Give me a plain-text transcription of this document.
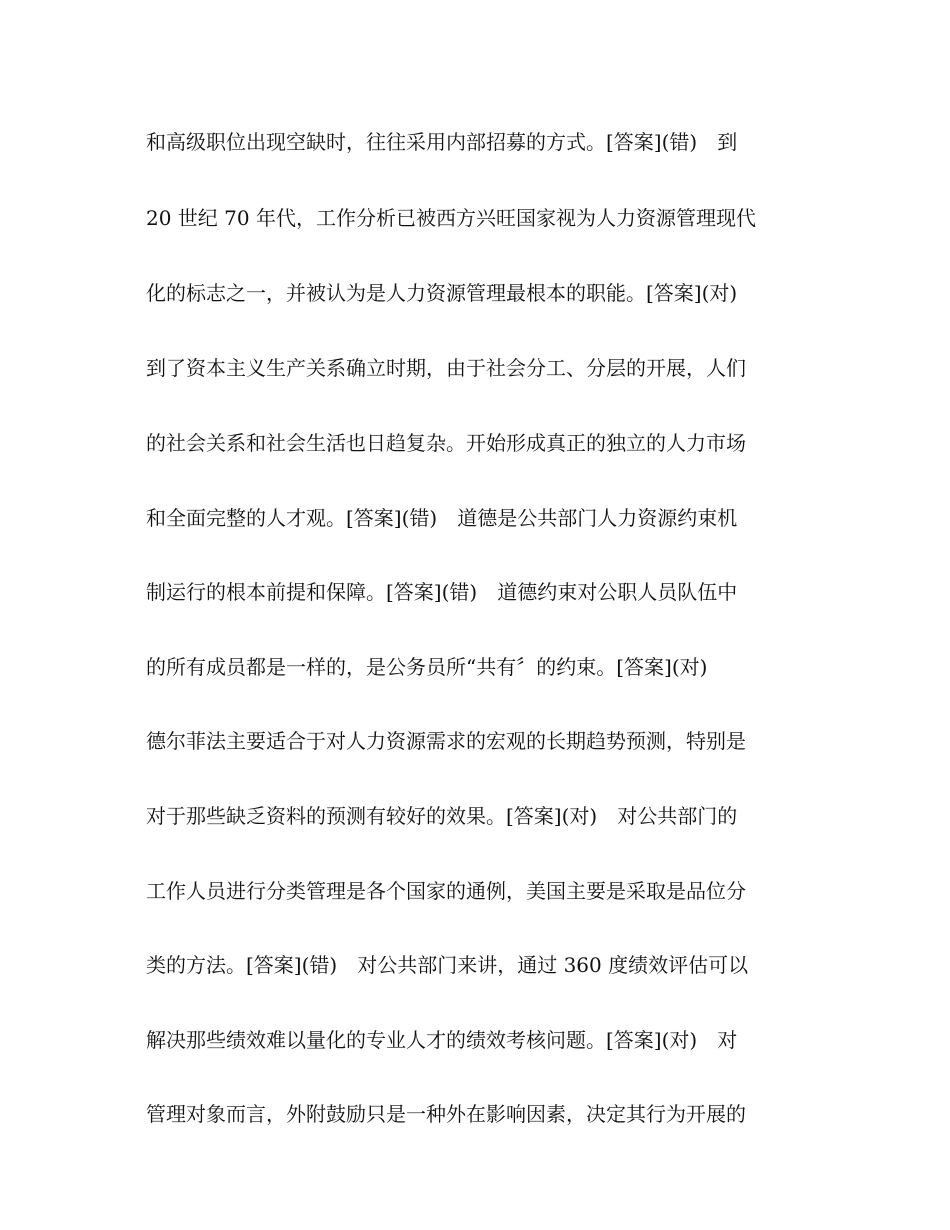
和高级职位出现空缺时，往往采用内部招募的方式。[答案](错)　到
20 世纪 70 年代，工作分析已被西方兴旺国家视为人力资源管理现代
化的标志之一，并被认为是人力资源管理最根本的职能。[答案](对)
到了资本主义生产关系确立时期，由于社会分工、分层的开展，人们
的社会关系和社会生活也日趋复杂。开始形成真正的独立的人力市场
和全面完整的人才观。[答案](错)　道德是公共部门人力资源约束机
制运行的根本前提和保障。[答案](错)　道德约束对公职人员队伍中
的所有成员都是一样的，是公务员所“共有〞的约束。[答案](对)
德尔菲法主要适合于对人力资源需求的宏观的长期趋势预测，特别是
对于那些缺乏资料的预测有较好的效果。[答案](对)　对公共部门的
工作人员进行分类管理是各个国家的通例，美国主要是采取是品位分
类的方法。[答案](错)　对公共部门来讲，通过 360 度绩效评估可以
解决那些绩效难以量化的专业人才的绩效考核问题。[答案](对)　对
管理对象而言，外附鼓励只是一种外在影响因素，决定其行为开展的
